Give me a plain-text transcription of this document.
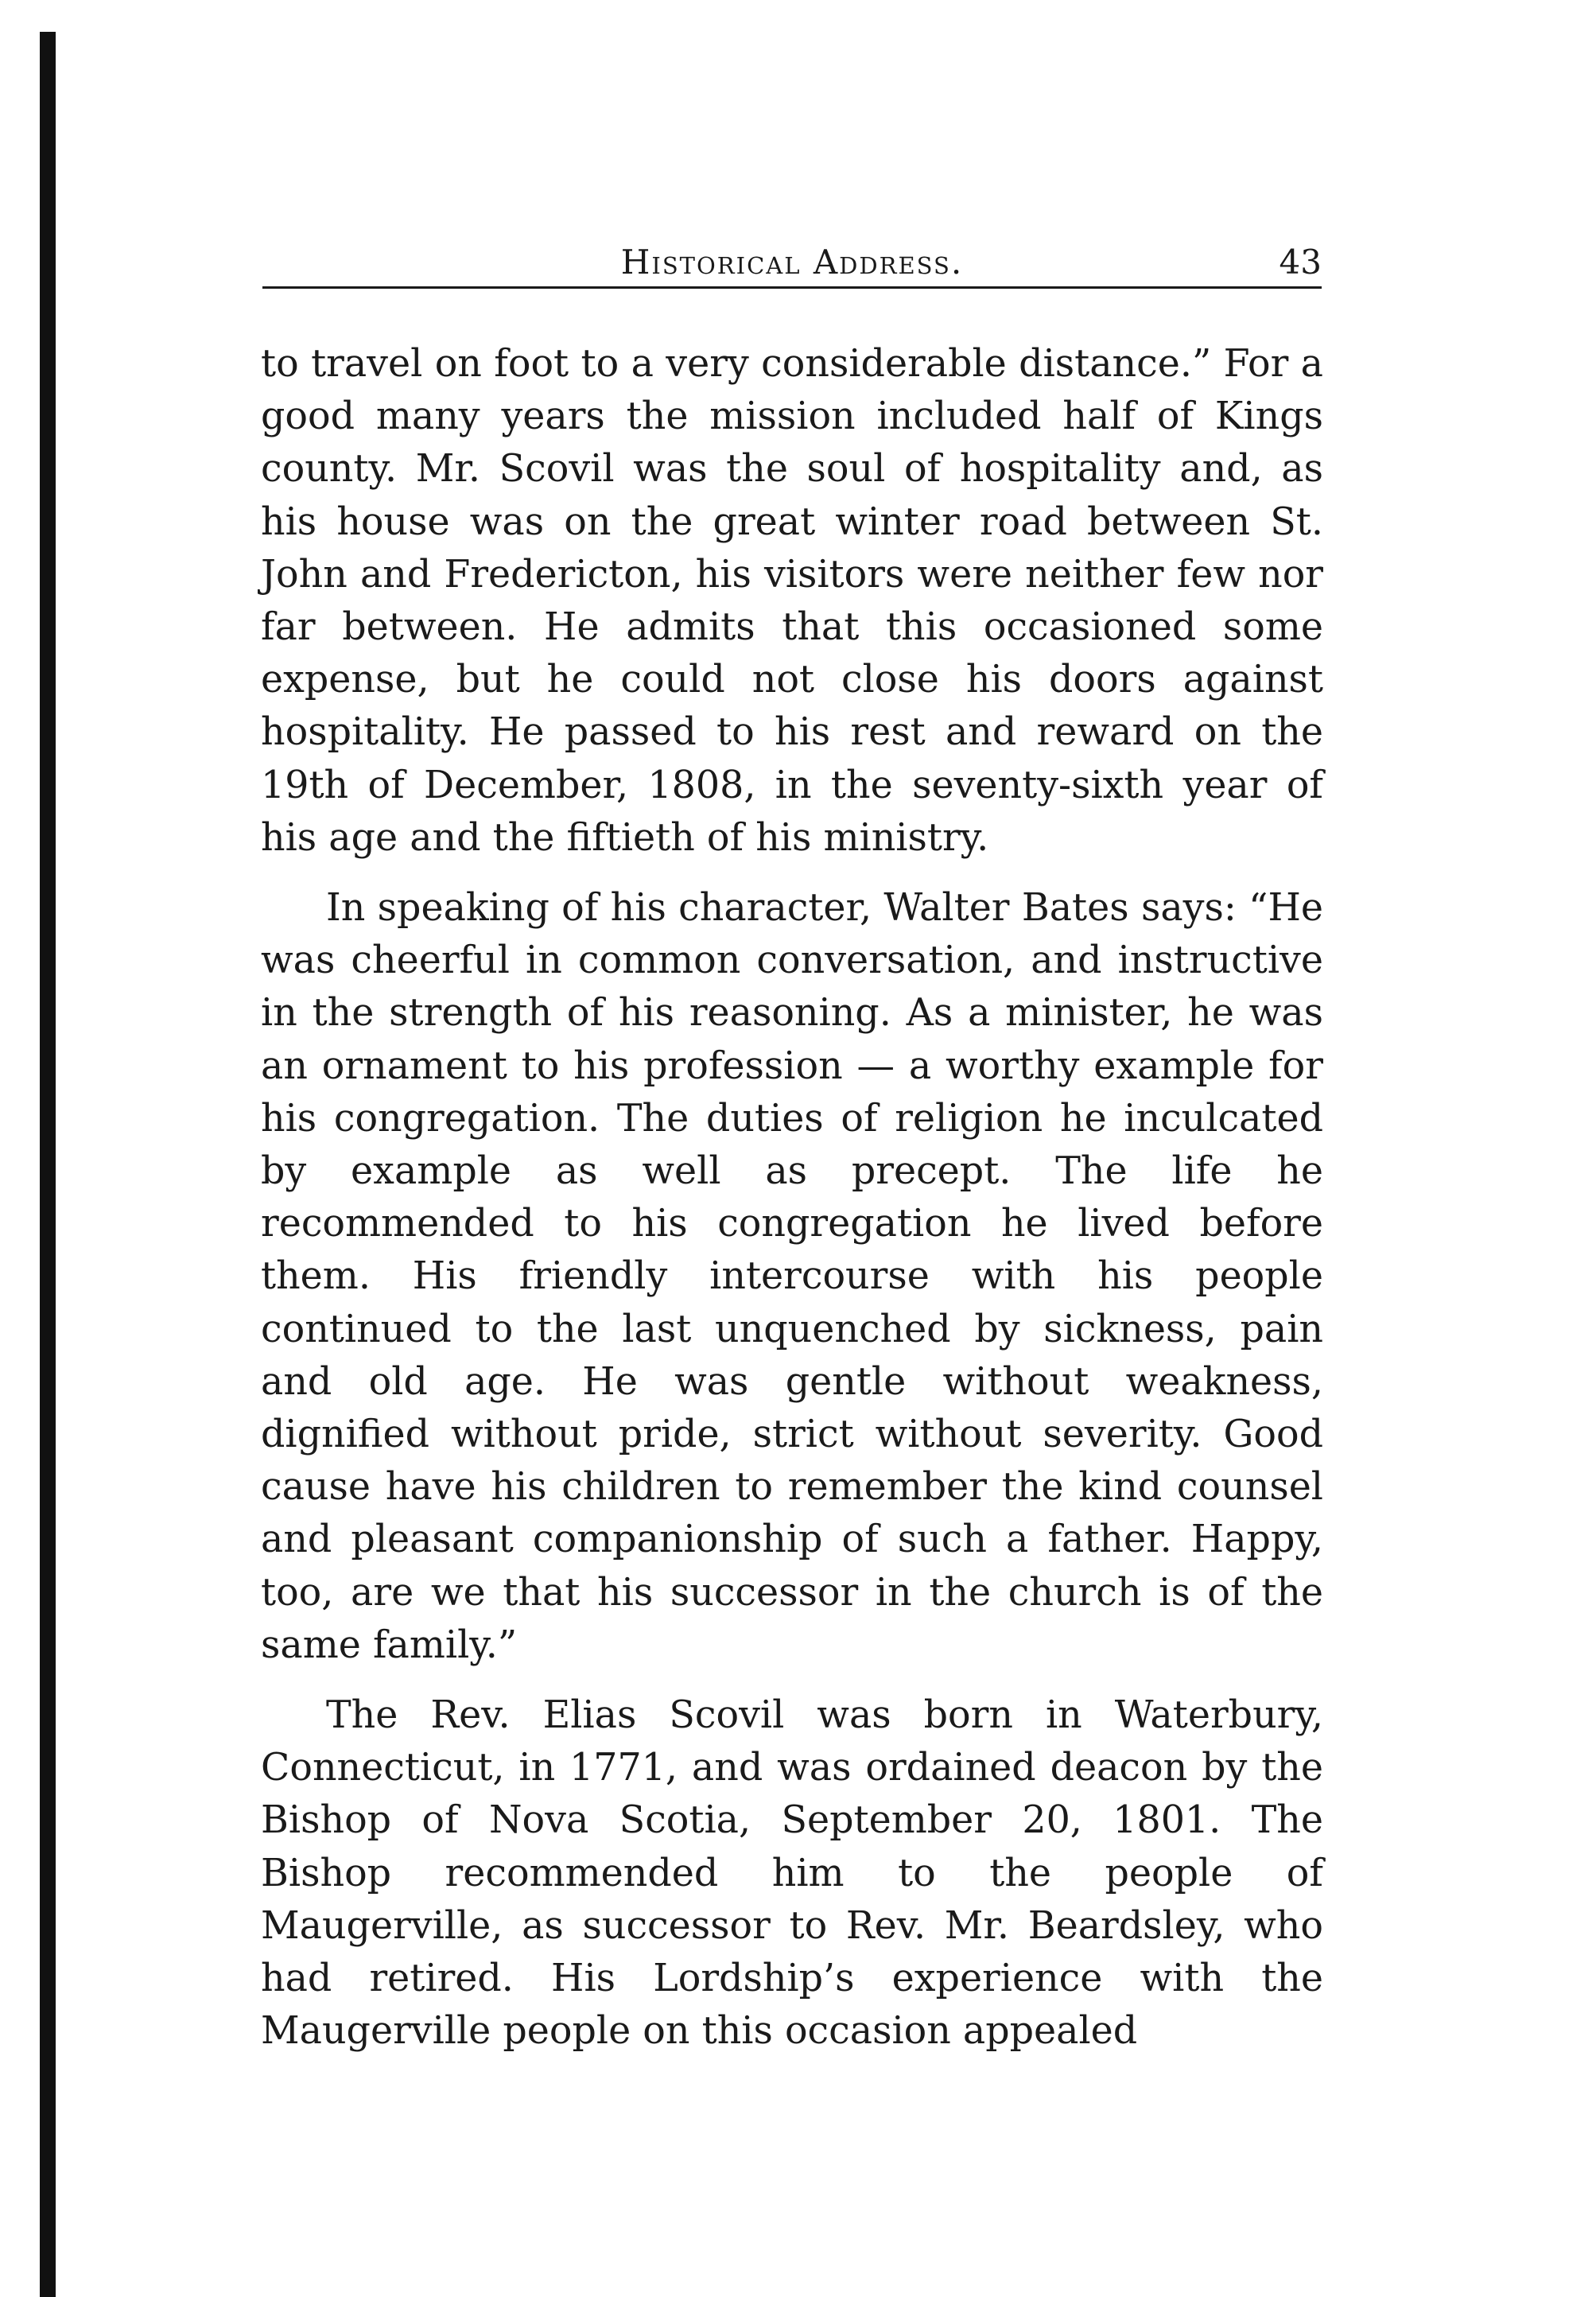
Historical Address.	43

to travel on foot to a very considerable distance.” For a good many years the mission included half of Kings county. Mr. Scovil was the soul of hospitality and, as his house was on the great winter road between St. John and Fredericton, his visitors were neither few nor far between. He admits that this occasioned some expense, but he could not close his doors against hospitality. He passed to his rest and reward on the 19th of December, 1808, in the seventy-sixth year of his age and the fiftieth of his ministry.

In speaking of his character, Walter Bates says: “He was cheerful in common conversation, and instructive in the strength of his reasoning. As a minister, he was an ornament to his profession — a worthy example for his congregation. The duties of religion he inculcated by example as well as precept. The life he recommended to his congregation he lived before them. His friendly intercourse with his people continued to the last unquenched by sickness, pain and old age. He was gentle without weakness, dignified without pride, strict without severity. Good cause have his children to remember the kind counsel and pleasant companionship of such a father. Happy, too, are we that his successor in the church is of the same family.”

The Rev. Elias Scovil was born in Waterbury, Connecticut, in 1771, and was ordained deacon by the Bishop of Nova Scotia, September 20, 1801. The Bishop recommended him to the people of Maugerville, as successor to Rev. Mr. Beardsley, who had retired. His Lordship’s experience with the Maugerville people on this occasion appealed
